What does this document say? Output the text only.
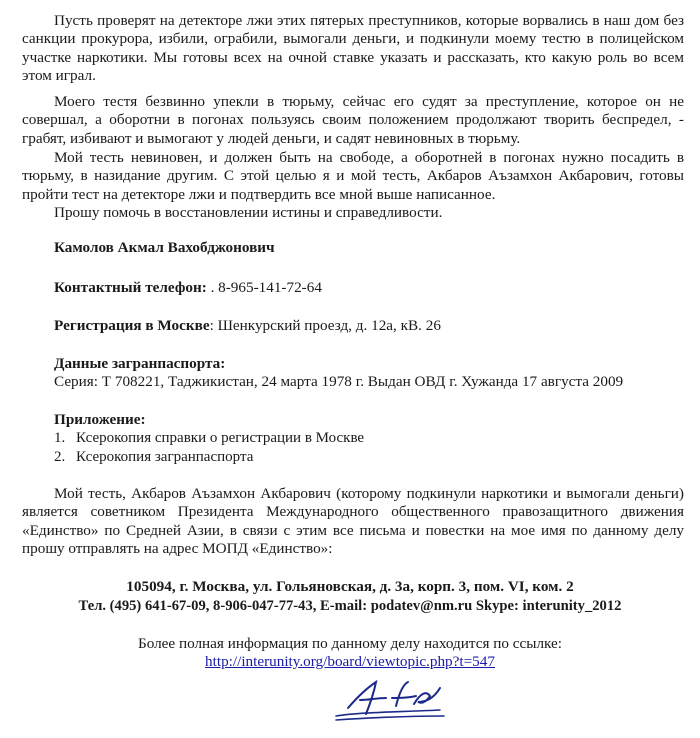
Пусть проверят на детекторе лжи этих пятерых преступников, которые ворвались в наш дом без санкции прокурора, избили, ограбили, вымогали деньги, и подкинули моему тестю в полицейском участке наркотики. Мы готовы всех на очной ставке указать и рассказать, кто какую роль во всем этом играл.

Моего тестя безвинно упекли в тюрьму, сейчас его судят за преступление, которое он не совершал, а оборотни в погонах пользуясь своим положением продолжают творить беспредел, - грабят, избивают и вымогают у людей деньги, и садят невиновных в тюрьму.

Мой тесть невиновен, и должен быть на свободе, а оборотней в погонах нужно посадить в тюрьму, в назидание другим. С этой целью я и мой тесть, Акбаров Аъзамхон Акбарович, готовы пройти тест на детекторе лжи и подтвердить все мной выше написанное.

Прошу помочь в восстановлении истины и справедливости.

Камолов Акмал Вахобджонович
Контактный телефон: . 8-965-141-72-64
Регистрация в Москве: Шенкурский проезд, д. 12а, кВ. 26
Данные загранпаспорта:
Серия: Т 708221, Таджикистан, 24 марта 1978 г. Выдан ОВД г. Хужанда 17 августа 2009
Приложение:
1. Ксерокопия справки о регистрации в Москве
2. Ксерокопия загранпаспорта

Мой тесть, Акбаров Аъзамхон Акбарович (которому подкинули наркотики и вымогали деньги) является советником Президента Международного общественного правозащитного движения «Единство» по Средней Азии, в связи с этим все письма и повестки на мое имя по данному делу прошу отправлять на адрес МОПД «Единство»:

105094, г. Москва, ул. Гольяновская, д. 3а, корп. 3, пом. VI, ком. 2
Тел. (495) 641-67-09, 8-906-047-77-43, E-mail: podatev@nm.ru Skype: interunity_2012
Более полная информация по данному делу находится по ссылке:
http://interunity.org/board/viewtopic.php?t=547
